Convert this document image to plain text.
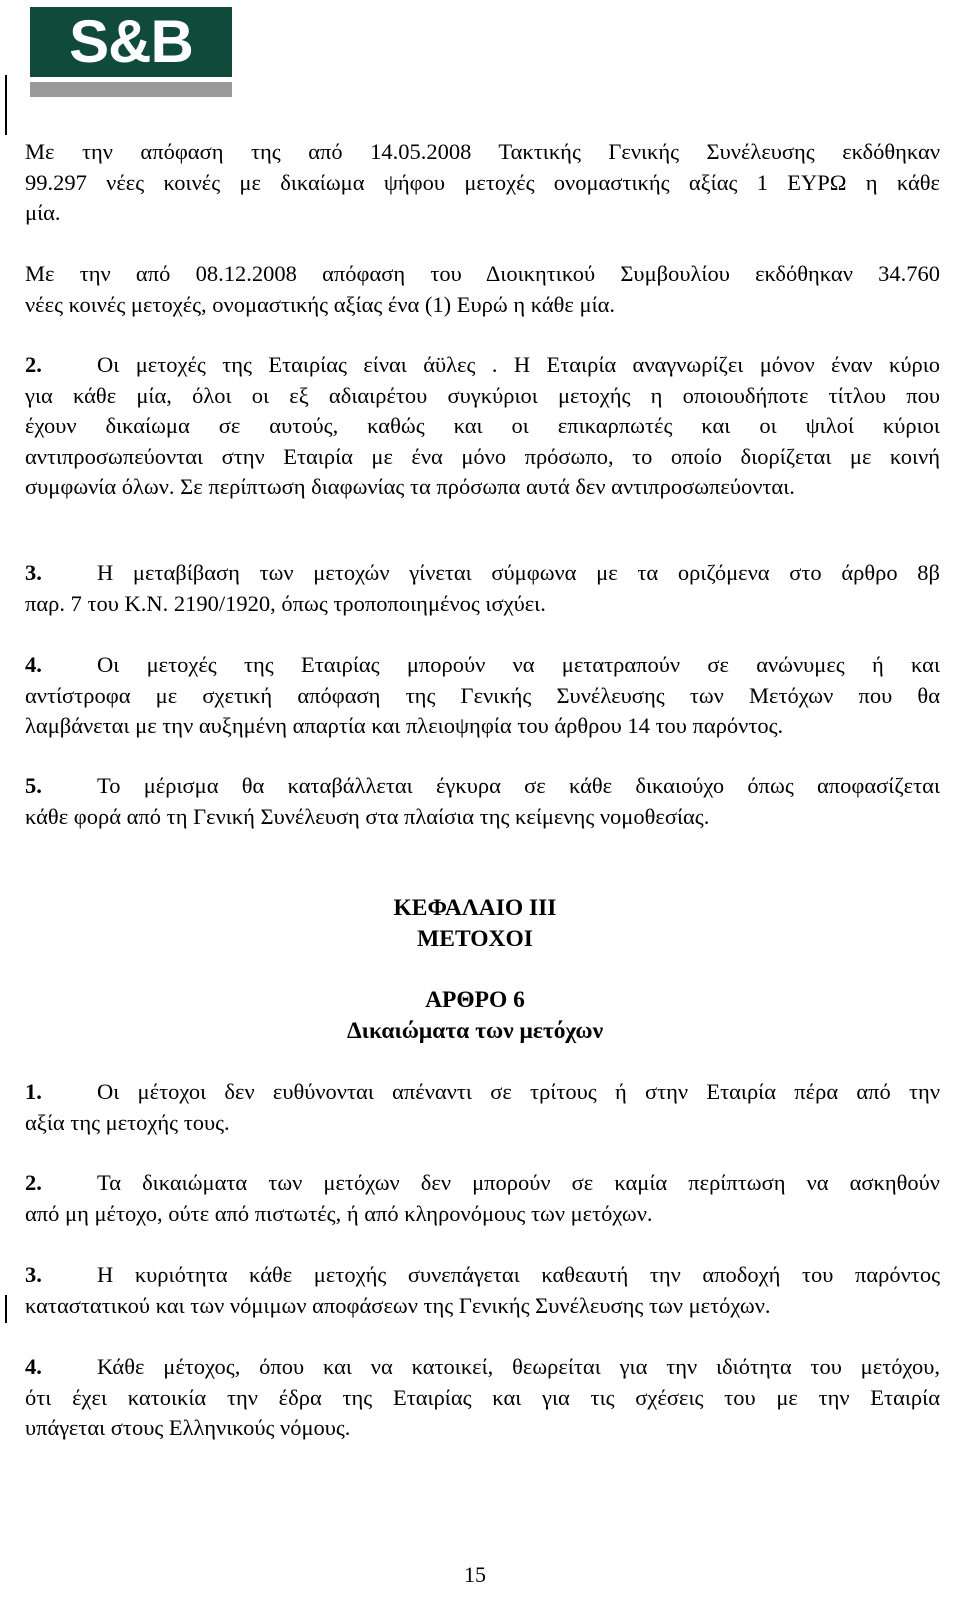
S&B
Με την απόφαση της από 14.05.2008 Τακτικής Γενικής Συνέλευσης εκδόθηκαν
99.297 νέες κοινές με δικαίωμα ψήφου μετοχές ονομαστικής αξίας 1 ΕΥΡΩ η κάθε
μία.
Με την από 08.12.2008 απόφαση του Διοικητικού Συμβουλίου εκδόθηκαν 34.760
νέες κοινές μετοχές, ονομαστικής αξίας ένα (1) Ευρώ η κάθε μία.
2. Οι μετοχές της Εταιρίας είναι άϋλες . Η Εταιρία αναγνωρίζει μόνον έναν κύριο
για κάθε μία, όλοι οι εξ αδιαιρέτου συγκύριοι μετοχής η οποιουδήποτε τίτλου που
έχουν δικαίωμα σε αυτούς, καθώς και οι επικαρπωτές και οι ψιλοί κύριοι
αντιπροσωπεύονται στην Εταιρία με ένα μόνο πρόσωπο, το οποίο διορίζεται με κοινή
συμφωνία όλων. Σε περίπτωση διαφωνίας τα πρόσωπα αυτά δεν αντιπροσωπεύονται.
3. Η μεταβίβαση των μετοχών γίνεται σύμφωνα με τα οριζόμενα στο άρθρο 8β
παρ. 7 του Κ.Ν. 2190/1920, όπως τροποποιημένος ισχύει.
4. Οι μετοχές της Εταιρίας μπορούν να μετατραπούν σε ανώνυμες ή και
αντίστροφα με σχετική απόφαση της Γενικής Συνέλευσης των Μετόχων που θα
λαμβάνεται με την αυξημένη απαρτία και πλειοψηφία του άρθρου 14 του παρόντος.
5. Το μέρισμα θα καταβάλλεται έγκυρα σε κάθε δικαιούχο όπως αποφασίζεται
κάθε φορά από τη Γενική Συνέλευση στα πλαίσια της κείμενης νομοθεσίας.
ΚΕΦΑΛΑΙΟ ΙΙΙ
ΜΕΤΟΧΟΙ
ΑΡΘΡΟ 6
Δικαιώματα των μετόχων
1. Οι μέτοχοι δεν ευθύνονται απέναντι σε τρίτους ή στην Εταιρία πέρα από την
αξία της μετοχής τους.
2. Τα δικαιώματα των μετόχων δεν μπορούν σε καμία περίπτωση να ασκηθούν
από μη μέτοχο, ούτε από πιστωτές, ή από κληρονόμους των μετόχων.
3. Η κυριότητα κάθε μετοχής συνεπάγεται καθεαυτή την αποδοχή του παρόντος
καταστατικού και των νόμιμων αποφάσεων της Γενικής Συνέλευσης των μετόχων.
4. Κάθε μέτοχος, όπου και να κατοικεί, θεωρείται για την ιδιότητα του μετόχου,
ότι έχει κατοικία την έδρα της Εταιρίας και για τις σχέσεις του με την Εταιρία
υπάγεται στους Ελληνικούς νόμους.
15
